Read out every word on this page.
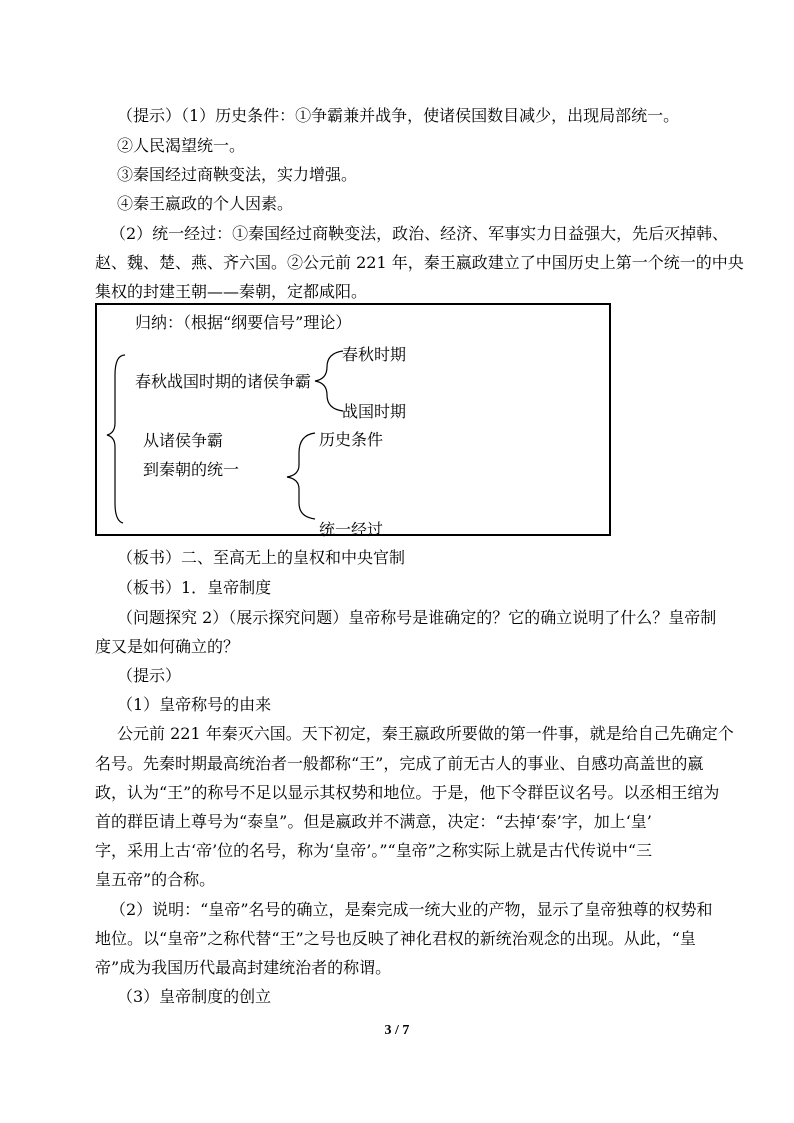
（提示）（1）历史条件：①争霸兼并战争，使诸侯国数目减少，出现局部统一。
②人民渴望统一。
③秦国经过商鞅变法，实力增强。
④秦王嬴政的个人因素。
（2）统一经过：①秦国经过商鞅变法，政治、经济、军事实力日益强大，先后灭掉韩、
赵、魏、楚、燕、齐六国。②公元前 221 年，秦王嬴政建立了中国历史上第一个统一的中央
集权的封建王朝——秦朝，定都咸阳。
归纳：（根据“纲要信号”理论）
春秋时期
春秋战国时期的诸侯争霸
战国时期
历史条件
从诸侯争霸
到秦朝的统一
统一经过
（板书）二、至高无上的皇权和中央官制
（板书）1．皇帝制度
（问题探究 2）（展示探究问题）皇帝称号是谁确定的？它的确立说明了什么？皇帝制
度又是如何确立的？
（提示）
（1）皇帝称号的由来
公元前 221 年秦灭六国。天下初定，秦王嬴政所要做的第一件事，就是给自己先确定个
名号。先秦时期最高统治者一般都称“王”，完成了前无古人的事业、自感功高盖世的嬴
政，认为“王”的称号不足以显示其权势和地位。于是，他下令群臣议名号。以丞相王绾为
首的群臣请上尊号为“泰皇”。但是嬴政并不满意，决定：“去掉‘泰’字，加上‘皇’
字，采用上古‘帝’位的名号，称为‘皇帝’。”“皇帝”之称实际上就是古代传说中“三
皇五帝”的合称。
（2）说明：“皇帝”名号的确立，是秦完成一统大业的产物，显示了皇帝独尊的权势和
地位。以“皇帝”之称代替“王”之号也反映了神化君权的新统治观念的出现。从此，“皇
帝”成为我国历代最高封建统治者的称谓。
（3）皇帝制度的创立
3 / 7
